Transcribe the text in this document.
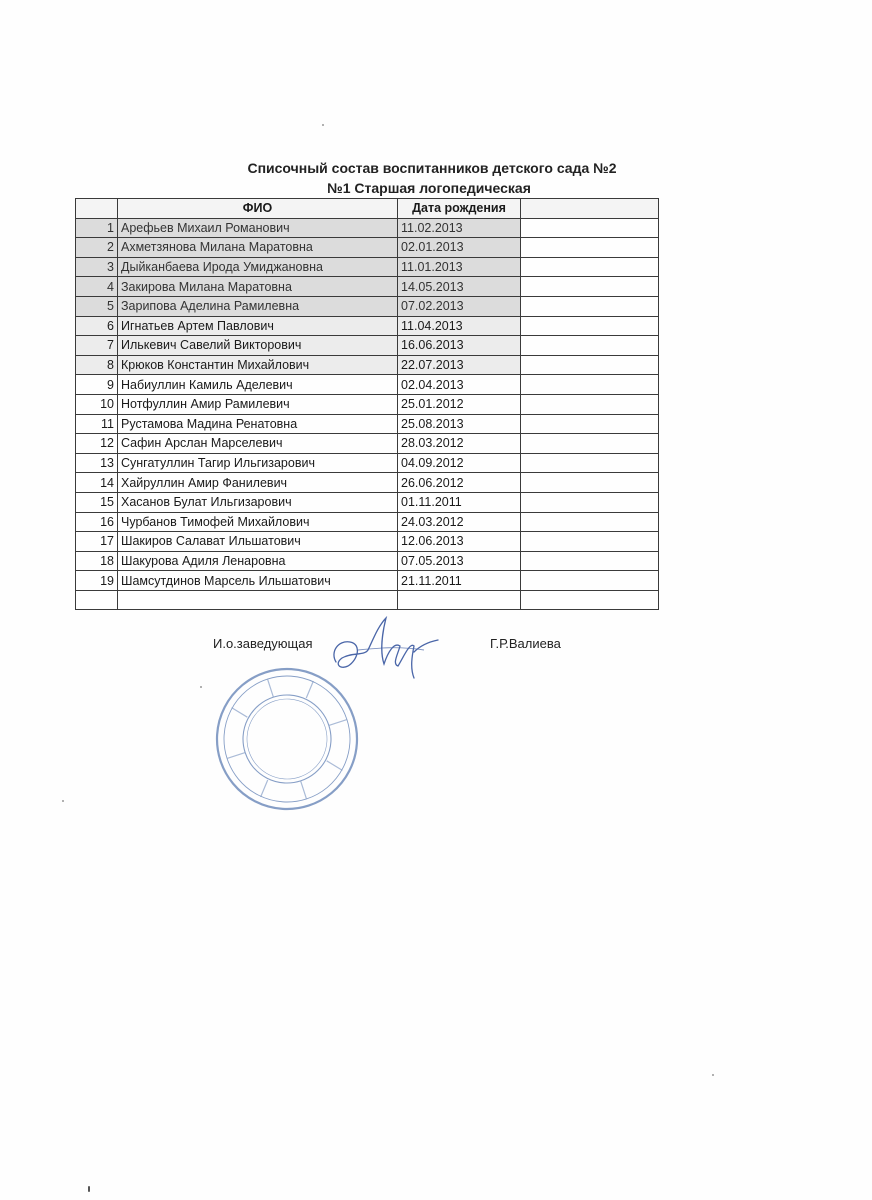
Списочный состав воспитанников детского сада №2
№1 Старшая логопедическая
	ФИО	Дата рождения	
1	Арефьев Михаил Романович	11.02.2013	
2	Ахметзянова Милана Маратовна	02.01.2013	
3	Дыйканбаева Ирода Умиджановна	11.01.2013	
4	Закирова Милана Маратовна	14.05.2013	
5	Зарипова Аделина Рамилевна	07.02.2013	
6	Игнатьев Артем Павлович	11.04.2013	
7	Илькевич Савелий Викторович	16.06.2013	
8	Крюков Константин Михайлович	22.07.2013	
9	Набиуллин Камиль Аделевич	02.04.2013	
10	Нотфуллин Амир Рамилевич	25.01.2012	
11	Рустамова Мадина Ренатовна	25.08.2013	
12	Сафин Арслан Марселевич	28.03.2012	
13	Сунгатуллин Тагир Ильгизарович	04.09.2012	
14	Хайруллин Амир Фанилевич	26.06.2012	
15	Хасанов Булат Ильгизарович	01.11.2011	
16	Чурбанов Тимофей Михайлович	24.03.2012	
17	Шакиров Салават Ильшатович	12.06.2013	
18	Шакурова Адиля Ленаровна	07.05.2013	
19	Шамсутдинов Марсель Ильшатович	21.11.2011	

И.о.заведующая	Г.Р.Валиева
